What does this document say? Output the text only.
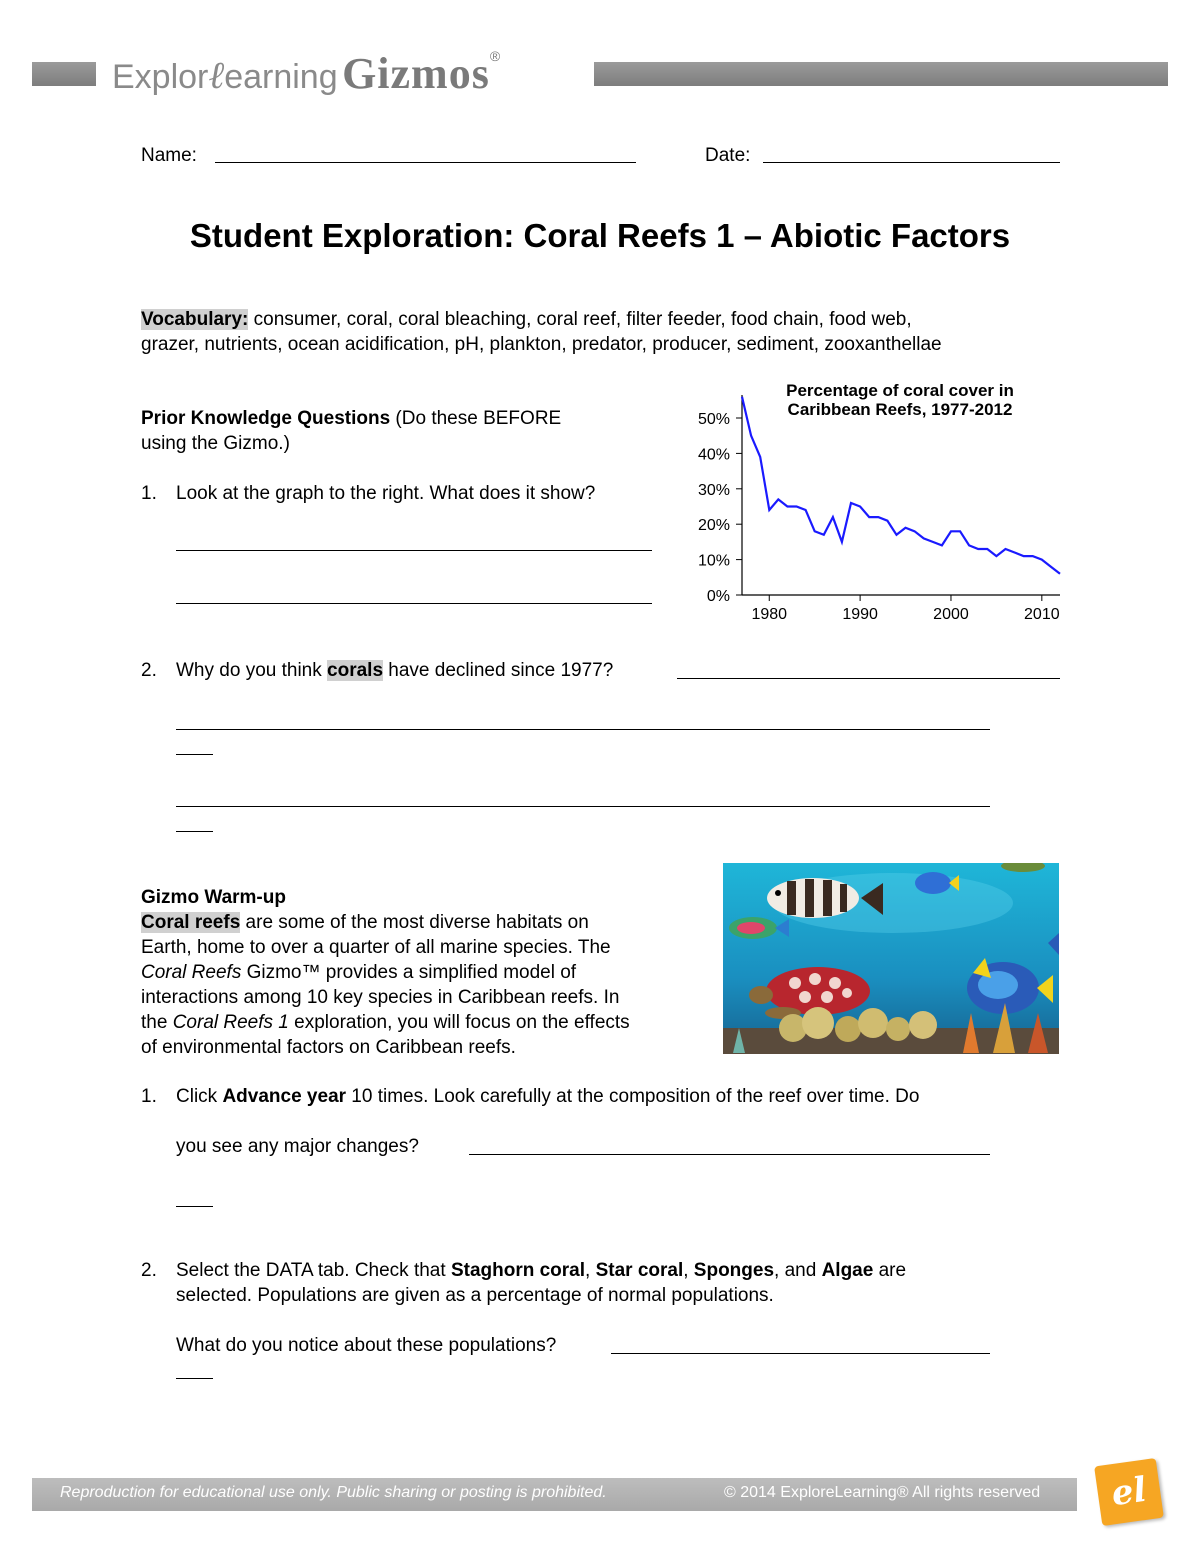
Explorℓearning Gizmos®
Name:	Date:
Student Exploration: Coral Reefs 1 – Abiotic Factors
Vocabulary: consumer, coral, coral bleaching, coral reef, filter feeder, food chain, food web,
grazer, nutrients, ocean acidification, pH, plankton, predator, producer, sediment, zooxanthellae
Prior Knowledge Questions (Do these BEFORE
using the Gizmo.)
1. Look at the graph to the right. What does it show?
Percentage of coral cover in
Caribbean Reefs, 1977-2012
0%
10%
20%
30%
40%
50%
1980	1990	2000	2010
2. Why do you think corals have declined since 1977?
Gizmo Warm-up
Coral reefs are some of the most diverse habitats on
Earth, home to over a quarter of all marine species. The
Coral Reefs Gizmo™ provides a simplified model of
interactions among 10 key species in Caribbean reefs. In
the Coral Reefs 1 exploration, you will focus on the effects
of environmental factors on Caribbean reefs.
1. Click Advance year 10 times. Look carefully at the composition of the reef over time. Do
you see any major changes?
2. Select the DATA tab. Check that Staghorn coral, Star coral, Sponges, and Algae are
selected. Populations are given as a percentage of normal populations.
What do you notice about these populations?
Reproduction for educational use only. Public sharing or posting is prohibited.	© 2014 ExploreLearning® All rights reserved el
